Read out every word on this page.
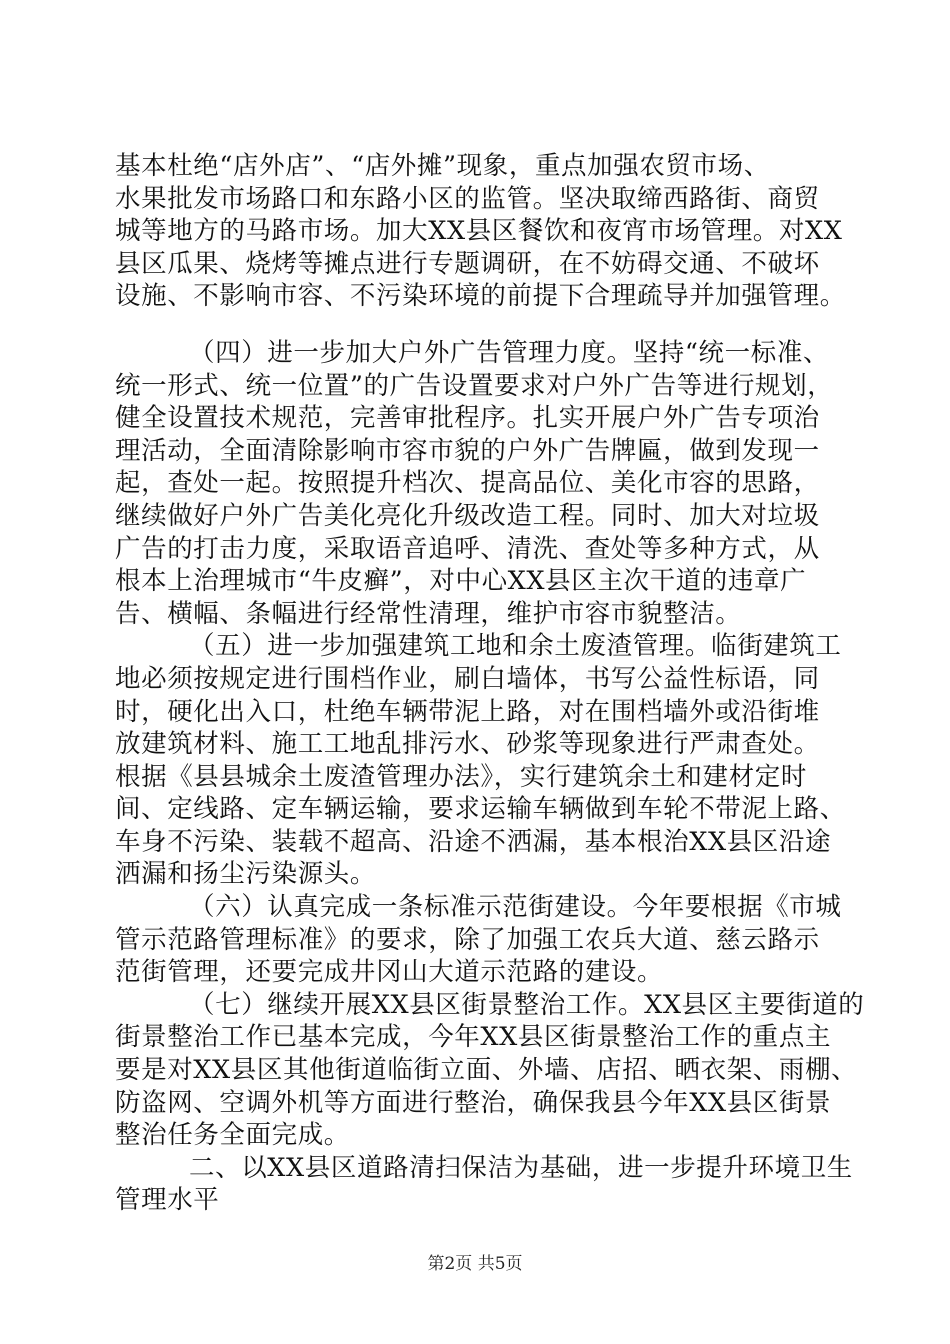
基本杜绝“店外店”、“店外摊”现象，重点加强农贸市场、
水果批发市场路口和东路小区的监管。坚决取缔西路街、商贸
城等地方的马路市场。加大XX县区餐饮和夜宵市场管理。对XX
县区瓜果、烧烤等摊点进行专题调研，在不妨碍交通、不破坏
设施、不影响市容、不污染环境的前提下合理疏导并加强管理。
（四）进一步加大户外广告管理力度。坚持“统一标准、
统一形式、统一位置”的广告设置要求对户外广告等进行规划，
健全设置技术规范，完善审批程序。扎实开展户外广告专项治
理活动，全面清除影响市容市貌的户外广告牌匾，做到发现一
起，查处一起。按照提升档次、提高品位、美化市容的思路，
继续做好户外广告美化亮化升级改造工程。同时、加大对垃圾
广告的打击力度，采取语音追呼、清洗、查处等多种方式，从
根本上治理城市“牛皮癣”，对中心XX县区主次干道的违章广
告、横幅、条幅进行经常性清理，维护市容市貌整洁。
（五）进一步加强建筑工地和余土废渣管理。临街建筑工
地必须按规定进行围档作业，刷白墙体，书写公益性标语，同
时，硬化出入口，杜绝车辆带泥上路，对在围档墙外或沿街堆
放建筑材料、施工工地乱排污水、砂浆等现象进行严肃查处。
根据《县县城余土废渣管理办法》，实行建筑余土和建材定时
间、定线路、定车辆运输，要求运输车辆做到车轮不带泥上路、
车身不污染、装载不超高、沿途不洒漏，基本根治XX县区沿途
洒漏和扬尘污染源头。
（六）认真完成一条标准示范街建设。今年要根据《市城
管示范路管理标准》的要求，除了加强工农兵大道、慈云路示
范街管理，还要完成井冈山大道示范路的建设。
（七）继续开展XX县区街景整治工作。XX县区主要街道的
街景整治工作已基本完成，今年XX县区街景整治工作的重点主
要是对XX县区其他街道临街立面、外墙、店招、晒衣架、雨棚、
防盗网、空调外机等方面进行整治，确保我县今年XX县区街景
整治任务全面完成。
二、以XX县区道路清扫保洁为基础，进一步提升环境卫生
管理水平
第2页 共5页
